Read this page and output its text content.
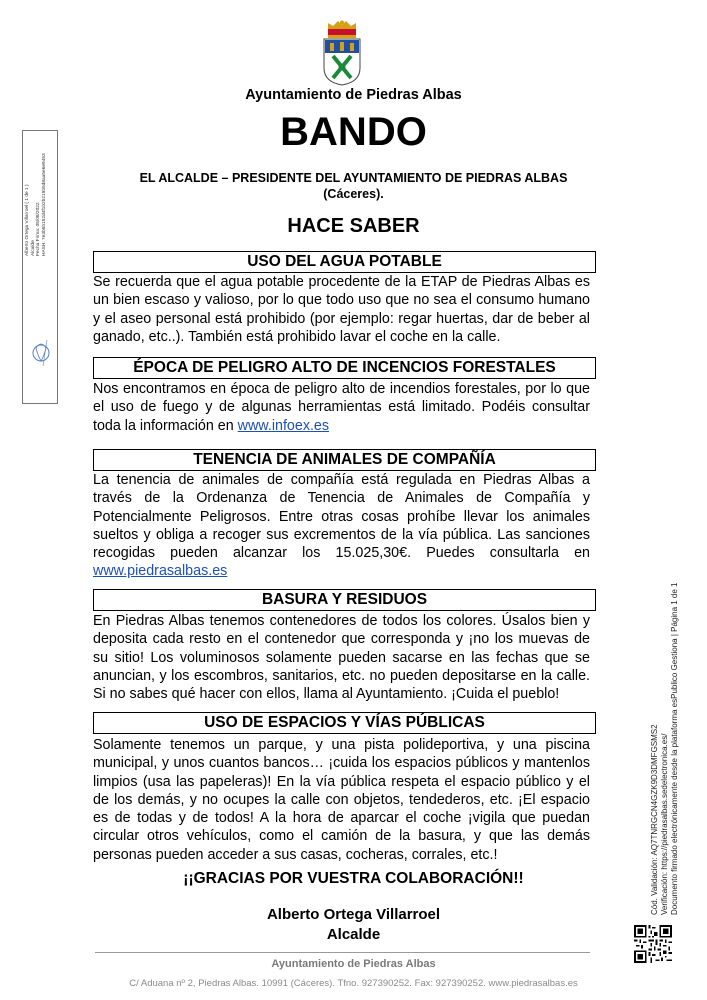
Ayuntamiento de Piedras Albas
BANDO
EL ALCALDE – PRESIDENTE DEL AYUNTAMIENTO DE PIEDRAS ALBAS
(Cáceres).
HACE SABER
USO DEL AGUA POTABLE
Se recuerda que el agua potable procedente de la ETAP de Piedras Albas es un bien escaso y valioso, por lo que todo uso que no sea el consumo humano y el aseo personal está prohibido (por ejemplo: regar huertas, dar de beber al ganado, etc..). También está prohibido lavar el coche en la calle.
ÉPOCA DE PELIGRO ALTO DE INCENCIOS FORESTALES
Nos encontramos en época de peligro alto de incendios forestales, por lo que el uso de fuego y de algunas herramientas está limitado. Podéis consultar toda la información en www.infoex.es
TENENCIA DE ANIMALES DE COMPAÑÍA
La tenencia de animales de compañía está regulada en Piedras Albas a través de la Ordenanza de Tenencia de Animales de Compañía y Potencialmente Peligrosos. Entre otras cosas prohíbe llevar los animales sueltos y obliga a recoger sus excrementos de la vía pública. Las sanciones recogidas pueden alcanzar los 15.025,30€. Puedes consultarla en www.piedrasalbas.es
BASURA Y RESIDUOS
En Piedras Albas tenemos contenedores de todos los colores. Úsalos bien y deposita cada resto en el contenedor que corresponda y ¡no los muevas de su sitio! Los voluminosos solamente pueden sacarse en las fechas que se anuncian, y los escombros, sanitarios, etc. no pueden depositarse en la calle. Si no sabes qué hacer con ellos, llama al Ayuntamiento. ¡Cuida el pueblo!
USO DE ESPACIOS Y VÍAS PÚBLICAS
Solamente tenemos un parque, y una pista polideportiva, y una piscina municipal, y unos cuantos bancos… ¡cuida los espacios públicos y mantenlos limpios (usa las papeleras)! En la vía pública respeta el espacio público y el de los demás, y no ocupes la calle con objetos, tendederos, etc. ¡El espacio es de todas y de todos! A la hora de aparcar el coche ¡vigila que puedan circular otros vehículos, como el camión de la basura, y que las demás personas pueden acceder a sus casas, cocheras, corrales, etc.!
¡¡GRACIAS POR VUESTRA COLABORACIÓN!!
Alberto Ortega Villarroel
Alcalde
Ayuntamiento de Piedras Albas
C/ Aduana nº 2, Piedras Albas. 10991 (Cáceres). Tfno. 927390252. Fax: 927390252. www.piedrasalbas.es
Alberto Ortega Villarroel ( 1 de 1 ) Alcalde Fecha Firma: 05/08/2022 HASH: 7e3b5b152d4f1b2b219b5d8aa5e6e9453
Cód. Validación: AQ7TNRGCN4GZK9D3DMFGSMS2 Verificación: https://piedrasalbas.sedelectronica.es/ Documento firmado electrónicamente desde la plataforma esPublico Gestiona | Página 1 de 1
